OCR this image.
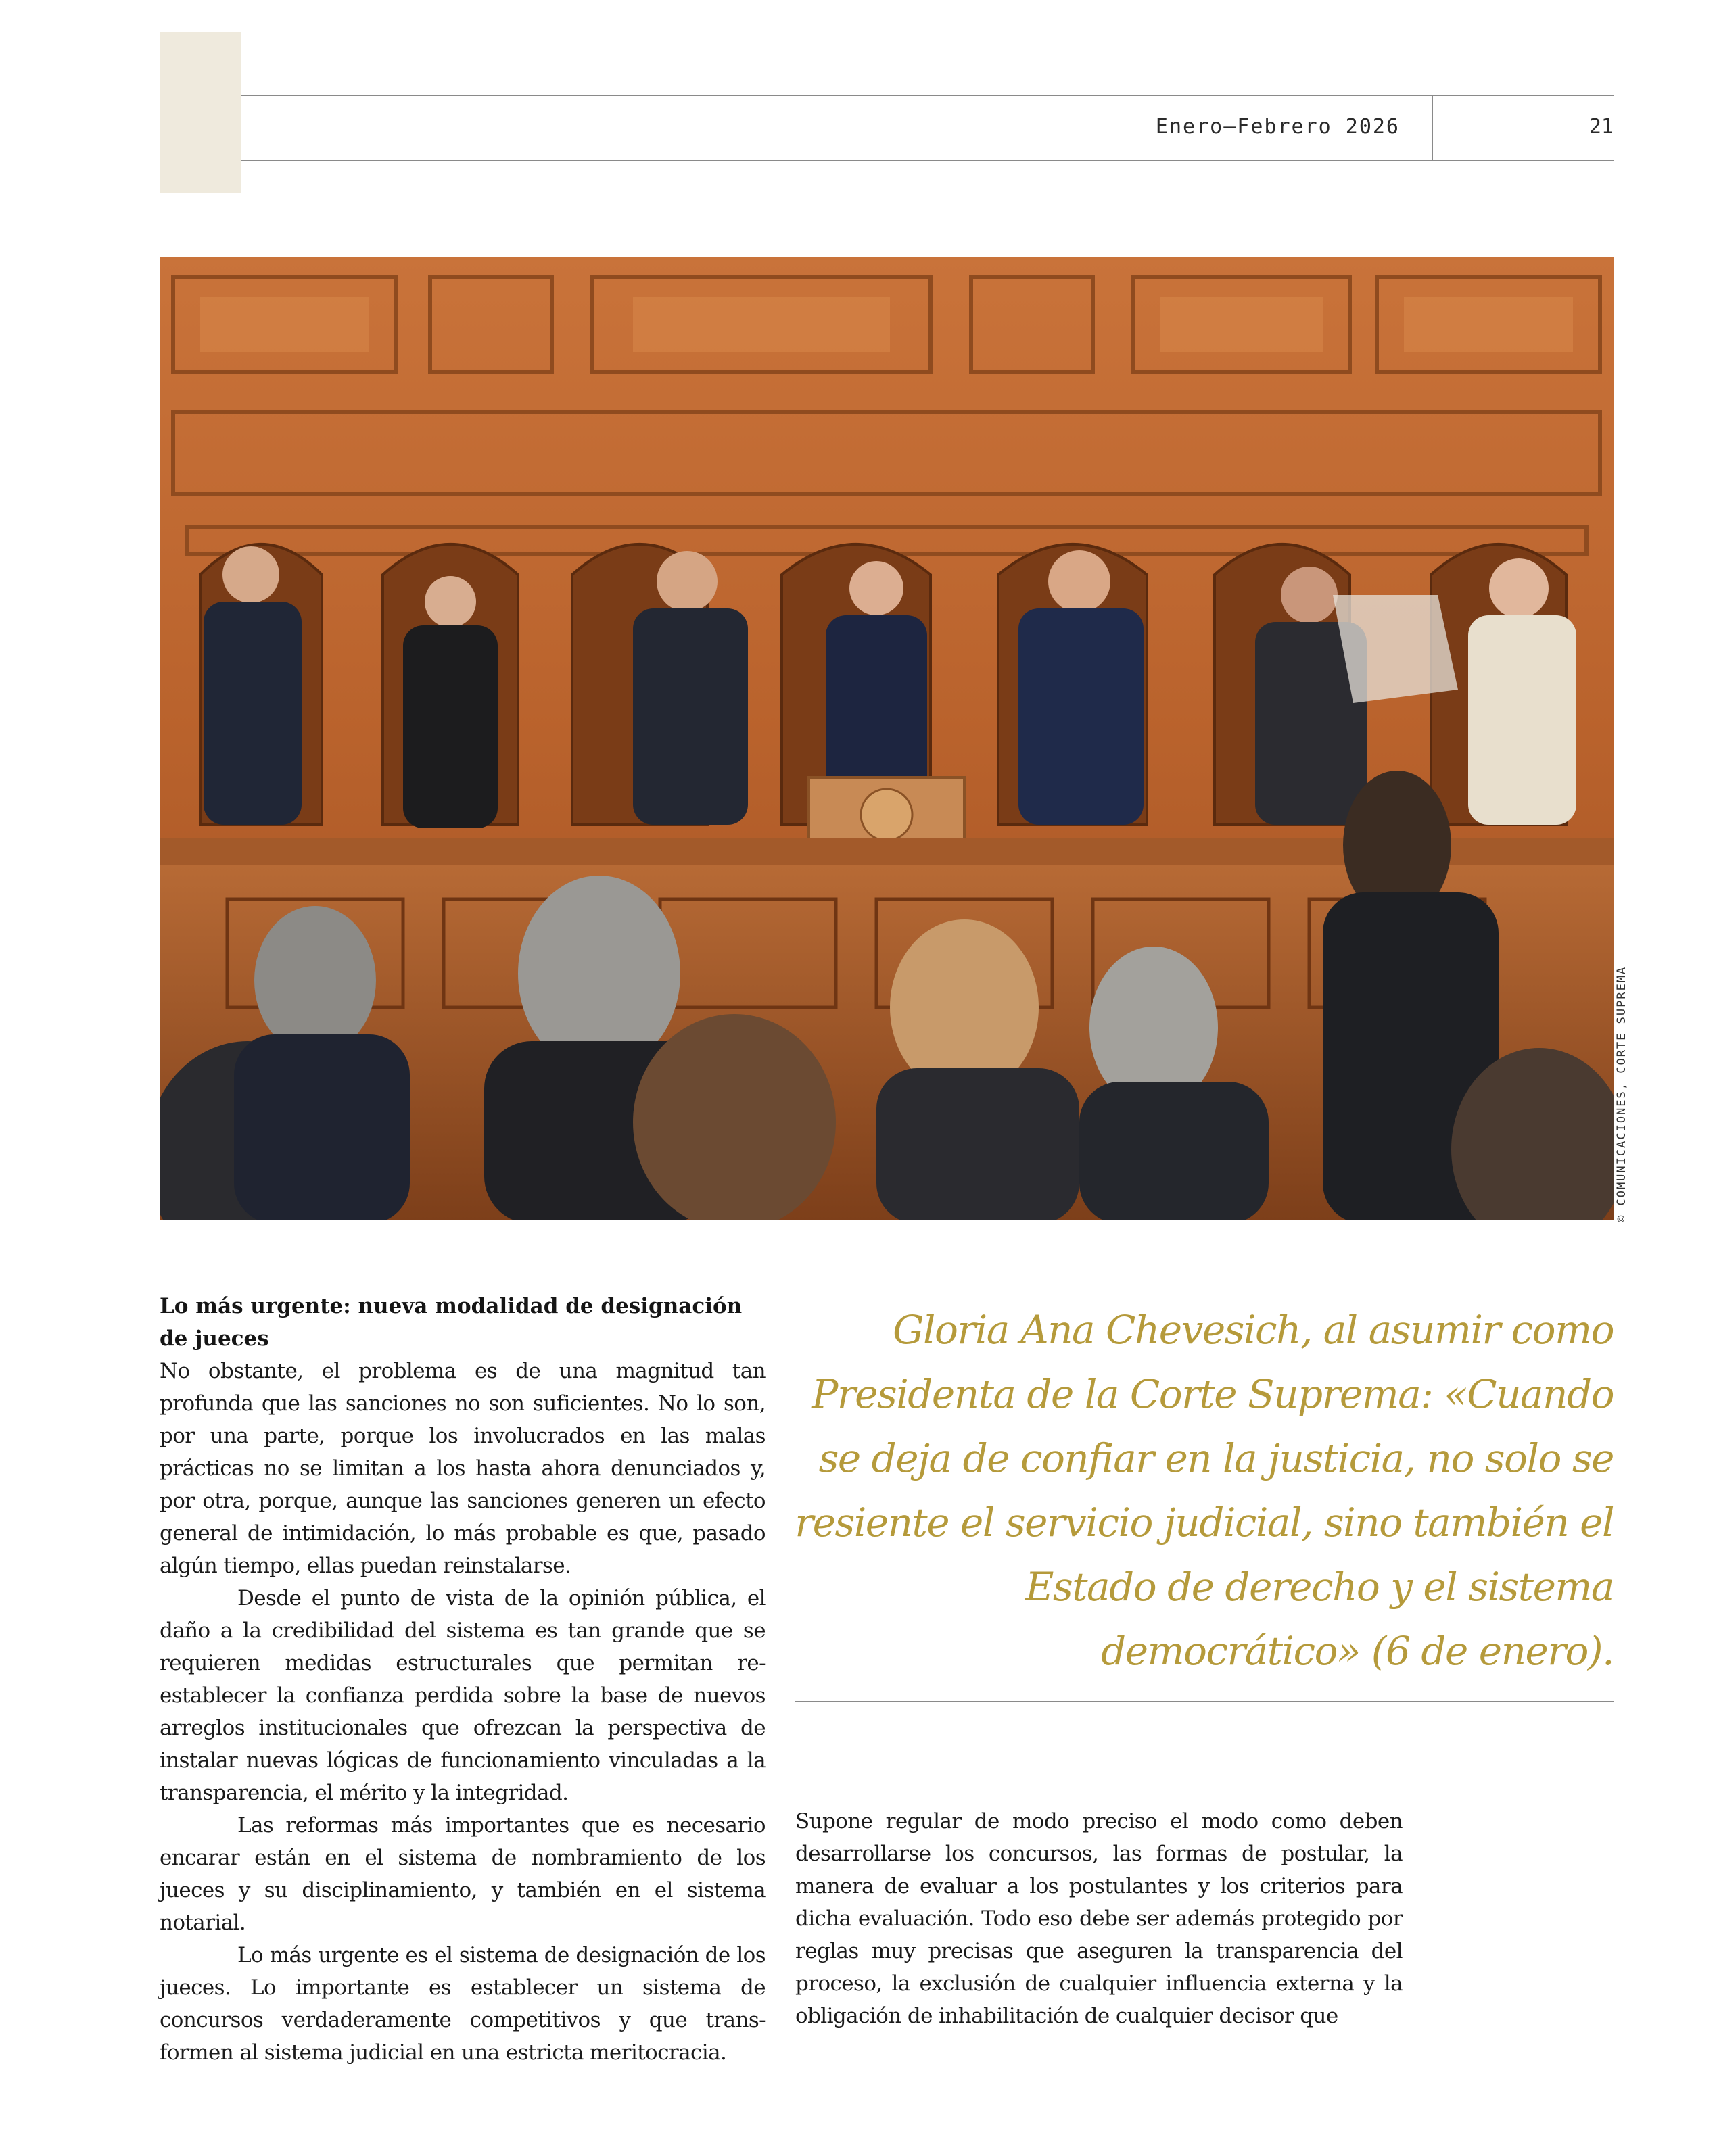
Enero–Febrero 2026	21
© COMUNICACIONES, CORTE SUPREMA
Lo más urgente: nueva modalidad de designación de jueces

No obstante, el problema es de una magnitud tan profunda que las sanciones no son suficientes. No lo son, por una parte, porque los involucrados en las malas prácticas no se limitan a los hasta ahora denunciados y, por otra, porque, aunque las sanciones generen un efecto general de intimidación, lo más probable es que, pasado algún tiempo, ellas puedan reinstalarse.

Desde el punto de vista de la opinión pública, el daño a la credibilidad del sistema es tan grande que se requieren medidas estructurales que permitan re-establecer la confianza perdida sobre la base de nuevos arreglos institucionales que ofrezcan la perspectiva de instalar nuevas lógicas de funcionamiento vinculadas a la transparencia, el mérito y la integridad.

Las reformas más importantes que es necesario encarar están en el sistema de nombramiento de los jueces y su disciplinamiento, y también en el sistema notarial.

Lo más urgente es el sistema de designación de los jueces. Lo importante es establecer un sistema de concursos verdaderamente competitivos y que trans-formen al sistema judicial en una estricta meritocracia.

Gloria Ana Chevesich, al asumir como Presidenta de la Corte Suprema: «Cuando se deja de confiar en la justicia, no solo se resiente el servicio judicial, sino también el Estado de derecho y el sistema democrático» (6 de enero).

Supone regular de modo preciso el modo como deben desarrollarse los concursos, las formas de postular, la manera de evaluar a los postulantes y los criterios para dicha evaluación. Todo eso debe ser además protegido por reglas muy precisas que aseguren la transparencia del proceso, la exclusión de cualquier influencia externa y la obligación de inhabilitación de cualquier decisor que
